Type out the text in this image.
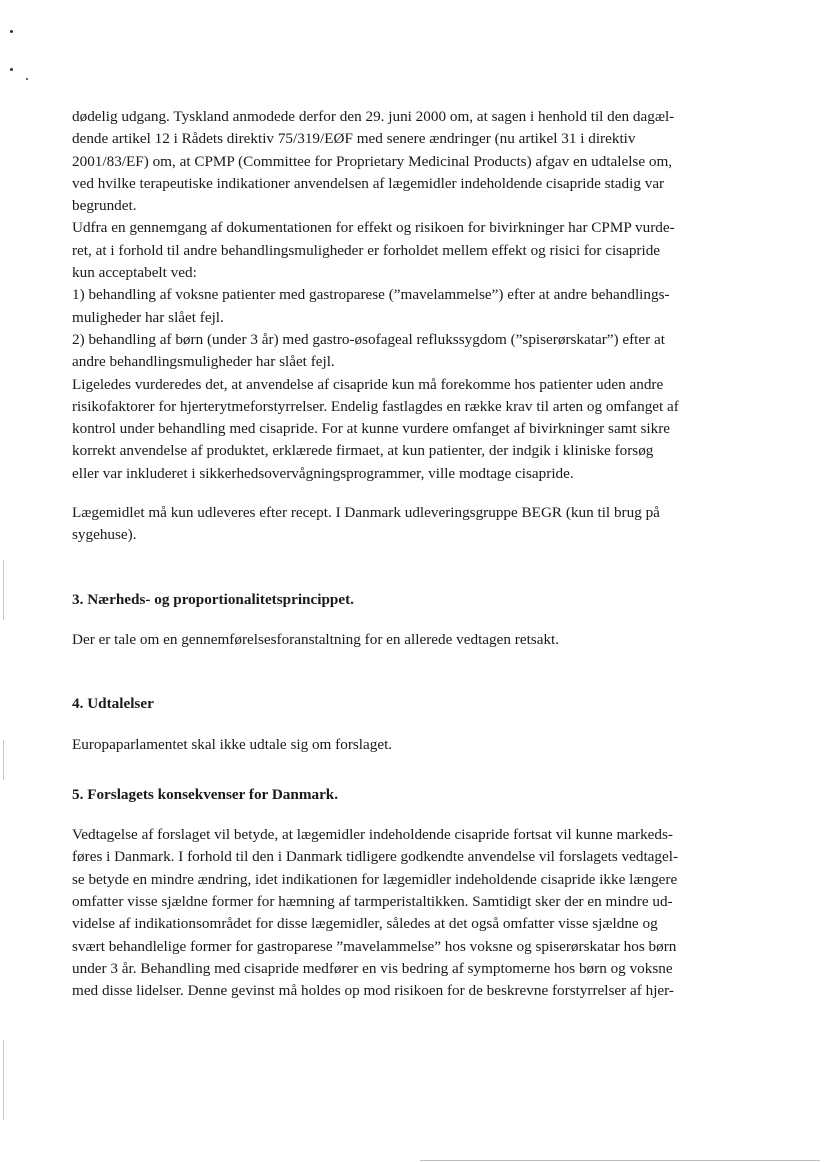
dødelig udgang. Tyskland anmodede derfor den 29. juni 2000 om, at sagen i henhold til den dagæl-
dende artikel 12 i Rådets direktiv 75/319/EØF med senere ændringer (nu artikel 31 i direktiv
2001/83/EF) om, at CPMP (Committee for Proprietary Medicinal Products) afgav en udtalelse om,
ved hvilke terapeutiske indikationer anvendelsen af lægemidler indeholdende cisapride stadig var
begrundet.
Udfra en gennemgang af dokumentationen for effekt og risikoen for bivirkninger har CPMP vurde-
ret, at i forhold til andre behandlingsmuligheder er forholdet mellem effekt og risici for cisapride
kun acceptabelt ved:
1) behandling af voksne patienter med gastroparese (”mavelammelse”) efter at andre behandlings-
muligheder har slået fejl.
2) behandling af børn (under 3 år) med gastro-øsofageal reflukssygdom (”spiserørskatar”) efter at
andre behandlingsmuligheder har slået fejl.
Ligeledes vurderedes det, at anvendelse af cisapride kun må forekomme hos patienter uden andre
risikofaktorer for hjerterytmeforstyrrelser. Endelig fastlagdes en række krav til arten og omfanget af
kontrol under behandling med cisapride. For at kunne vurdere omfanget af bivirkninger samt sikre
korrekt anvendelse af produktet, erklærede firmaet, at kun patienter, der indgik i kliniske forsøg
eller var inkluderet i sikkerhedsovervågningsprogrammer, ville modtage cisapride.
Lægemidlet må kun udleveres efter recept. I Danmark udleveringsgruppe BEGR (kun til brug på
sygehuse).

3. Nærheds- og proportionalitetsprincippet.

Der er tale om en gennemførelsesforanstaltning for en allerede vedtagen retsakt.

4. Udtalelser

Europaparlamentet skal ikke udtale sig om forslaget.

5. Forslagets konsekvenser for Danmark.

Vedtagelse af forslaget vil betyde, at lægemidler indeholdende cisapride fortsat vil kunne markeds-
føres i Danmark. I forhold til den i Danmark tidligere godkendte anvendelse vil forslagets vedtagel-
se betyde en mindre ændring, idet indikationen for lægemidler indeholdende cisapride ikke længere
omfatter visse sjældne former for hæmning af tarmperistaltikken. Samtidigt sker der en mindre ud-
videlse af indikationsområdet for disse lægemidler, således at det også omfatter visse sjældne og
svært behandlelige former for gastroparese ”mavelammelse” hos voksne og spiserørskatar hos børn
under 3 år. Behandling med cisapride medfører en vis bedring af symptomerne hos børn og voksne
med disse lidelser. Denne gevinst må holdes op mod risikoen for de beskrevne forstyrrelser af hjer-
